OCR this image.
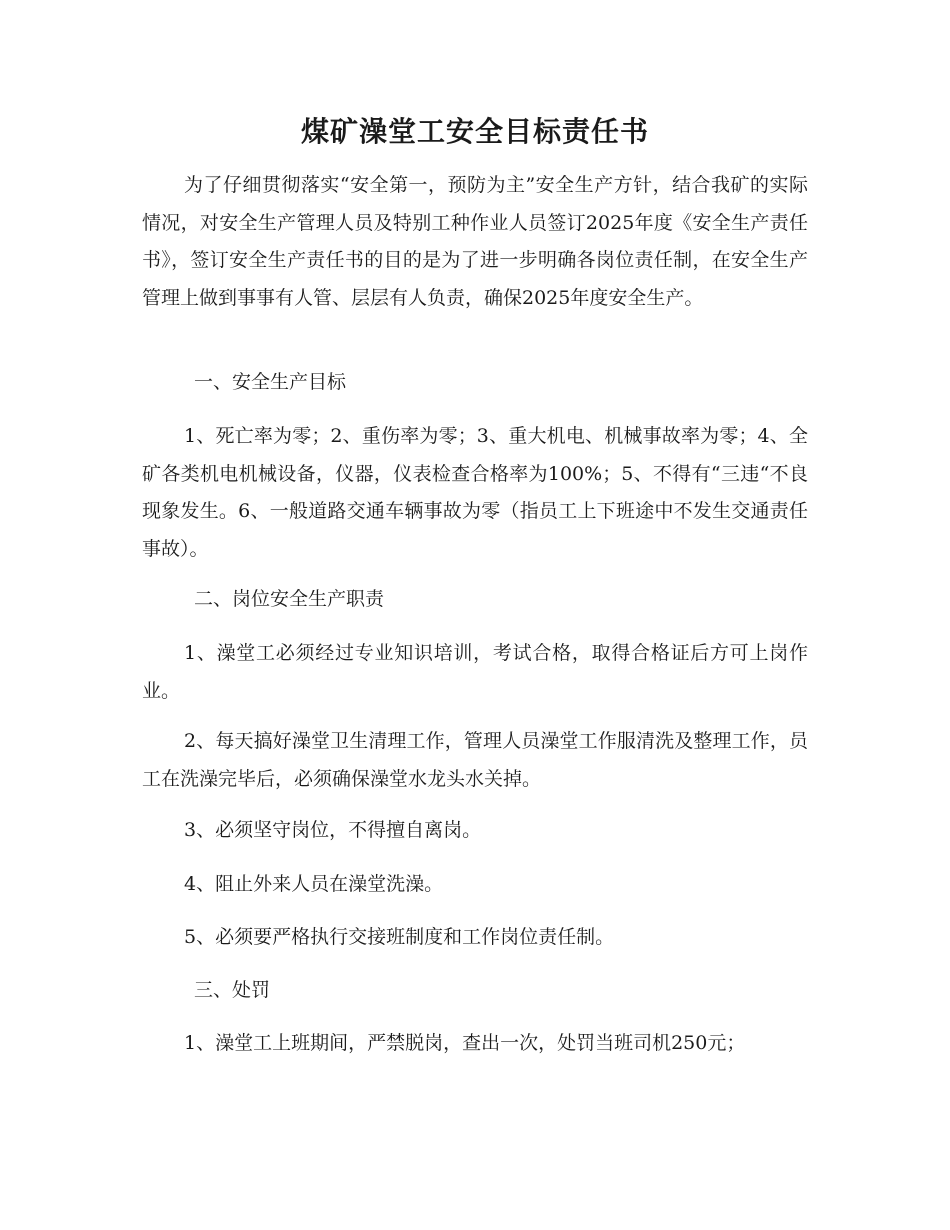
煤矿澡堂工安全目标责任书

为了仔细贯彻落实“安全第一，预防为主”安全生产方针，结合我矿的实际情况，对安全生产管理人员及特别工种作业人员签订2025年度《安全生产责任书》，签订安全生产责任书的目的是为了进一步明确各岗位责任制，在安全生产管理上做到事事有人管、层层有人负责，确保2025年度安全生产。

一、安全生产目标

1、死亡率为零；2、重伤率为零；3、重大机电、机械事故率为零；4、全矿各类机电机械设备，仪器，仪表检查合格率为100%；5、不得有“三违“不良现象发生。6、一般道路交通车辆事故为零（指员工上下班途中不发生交通责任事故）。

二、岗位安全生产职责

1、澡堂工必须经过专业知识培训，考试合格，取得合格证后方可上岗作业。

2、每天搞好澡堂卫生清理工作，管理人员澡堂工作服清洗及整理工作，员工在洗澡完毕后，必须确保澡堂水龙头水关掉。

3、必须坚守岗位，不得擅自离岗。

4、阻止外来人员在澡堂洗澡。

5、必须要严格执行交接班制度和工作岗位责任制。

三、处罚

1、澡堂工上班期间，严禁脱岗，查出一次，处罚当班司机250元；
